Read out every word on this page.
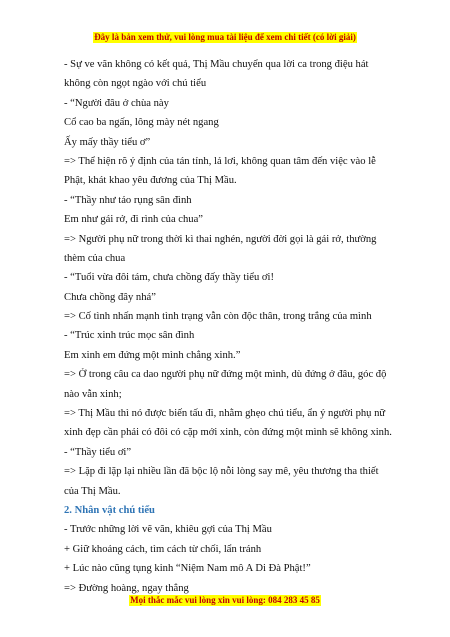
Đây là bản xem thử, vui lòng mua tài liệu để xem chi tiết (có lời giải)
- Sự ve vãn không có kết quả, Thị Mầu chuyển qua lời ca trong điệu hát
không còn ngọt ngào với chú tiểu
- “Người đâu ở chùa này
Cổ cao ba ngấn, lông mày nét ngang
Ấy mấy thầy tiểu ơ”
=> Thể hiện rõ ý định của tán tỉnh, lả lơi, không quan tâm đến việc vào lễ
Phật, khát khao yêu đương của Thị Mầu.
- “Thầy như tảo rụng sân đình
Em như gái rở, đi rình của chua”
=> Người phụ nữ trong thời kì thai nghén, người đời gọi là gái rở, thường
thèm của chua
- “Tuổi vừa đôi tám, chưa chồng đấy thầy tiểu ơi!
Chưa chồng đây nhá”
=> Cố tình nhấn mạnh tình trạng vẫn còn độc thân, trong trắng của mình
- “Trúc xinh trúc mọc sân đình
Em xinh em đứng một mình chẳng xinh.”
=> Ở trong câu ca dao người phụ nữ đứng một mình, dù đứng ở đâu, góc độ
nào vẫn xinh;
=> Thị Mầu thì nó được biến tấu đi, nhằm ghẹo chú tiểu, ẩn ý người phụ nữ
xinh đẹp cần phải có đôi có cặp mới xinh, còn đứng một mình sẽ không xinh.
- “Thầy tiểu ơi”
=> Lặp đi lặp lại nhiều lần đã bộc lộ nỗi lòng say mê, yêu thương tha thiết
của Thị Mầu.
2. Nhân vật chú tiểu
- Trước những lời vẽ vãn, khiêu gợi của Thị Mầu
+ Giữ khoảng cách, tìm cách từ chối, lẩn tránh
+ Lúc nào cũng tụng kinh “Niệm Nam mô A Di Đà Phật!”
=> Đường hoàng, ngay thẳng
Mọi thắc mắc vui lòng xin vui lòng: 084 283 45 85
